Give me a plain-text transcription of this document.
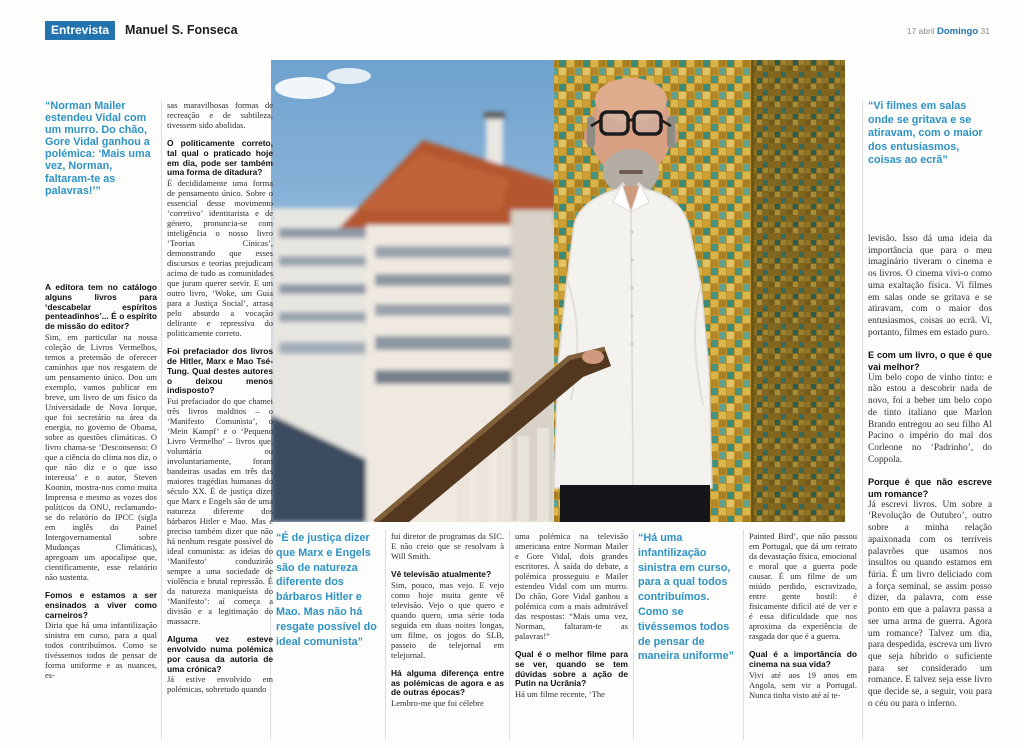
Entrevista Manuel S. Fonseca	17 abril Domingo 31
“Norman Mailer estendeu Vidal com um murro. Do chão, Gore Vidal ganhou a polémica: ‘Mais uma vez, Norman, faltaram-te as palavras!’”
“É de justiça dizer que Marx e Engels são de natureza diferente dos bárbaros Hitler e Mao. Mas não há resgate possível do ideal comunista”
“Há uma infantilização sinistra em curso, para a qual todos contribuímos. Como se tivéssemos todos de pensar de maneira uniforme”
“Vi filmes em salas onde se gritava e se atiravam, com o maior dos entusiasmos, coisas ao ecrã”

A editora tem no catálogo alguns livros para ‘descabelar espíritos penteadinhos’... É o espírito de missão do editor?

Sim, em particular na nossa coleção de Livros Vermelhos, temos a pretensão de oferecer caminhos que nos resgatem de um pensamento único. Dou um exemplo, vamos publicar em breve, um livro de um físico da Universidade de Nova Iorque, que foi secretário na área da energia, no governo de Obama, sobre as questões climáticas. O livro chama-se ‘Desconsenso: O que a ciência do clima nos diz, o que não diz e o que isso interessa’ e o autor, Steven Koonin, mostra-nos como muita Imprensa e mesmo as vozes dos políticos da ONU, reclamando-se do relatório do IPCC (sigla em inglês do Painel Intergovernamental sobre Mudanças Climáticas), apregoam um apocalipse que, cientificamente, esse relatório não sustenta.

Fomos e estamos a ser ensinados a viver como carneiros?

Diria que há uma infantilização sinistra em curso, para a qual todos contribuímos. Como se tivéssemos todos de pensar de forma uniforme e as nuances, es-

sas maravilhosas formas de recreação e de subtileza, tivessem sido abolidas.

O politicamente correto, tal qual o praticado hoje em dia, pode ser também uma forma de ditadura?

É decididamente uma forma de pensamento único. Sobre o essencial desse movimento ‘corretivo’ identitarista e de género, pronuncia-se com inteligência o nosso livro ‘Teorias Cínicas’, demonstrando que esses discursos e teorias prejudicam acima de tudo as comunidades que juram querer servir. E um outro livro, ‘Woke, um Guia para a Justiça Social’, arrasa pelo absurdo a vocação delirante e repressiva do politicamente correto.

Foi prefaciador dos livros de Hitler, Marx e Mao Tsé-Tung. Qual destes autores o deixou menos indisposto?

Fui prefaciador do que chamei três livros malditos – o ‘Manifesto Comunista’, o ‘Mein Kampf’ e o ‘Pequeno Livro Vermelho’ – livros que, voluntária ou involuntariamente, foram bandeiras usadas em três das maiores tragédias humanas do século XX. É de justiça dizer que Marx e Engels são de uma natureza diferente dos bárbaros Hitler e Mao. Mas é preciso também dizer que não há nenhum resgate possível do ideal comunista: as ideias do ‘Manifesto’ conduzirão sempre a uma sociedade de violência e brutal repressão. É da natureza maniqueísta do ‘Manifesto’: aí começa a divisão e a legitimação do massacre.

Alguma vez esteve envolvido numa polémica por causa da autoria de uma crónica?

Já estive envolvido em polémicas, sobretudo quando

fui diretor de programas da SIC. E não creio que se resolvam à Will Smith.

Vê televisão atualmente?

Sim, pouco, mas vejo. E vejo como hoje muita gente vê televisão. Vejo o que quero e quando quero, uma série toda seguida em duas noites longas, um filme, os jogos do SLB, passeio de telejornal em telejornal.

Há alguma diferença entre as polémicas de agora e as de outras épocas?

Lembro-me que foi célebre

uma polémica na televisão americana entre Norman Mailer e Gore Vidal, dois grandes escritores. À saída do debate, a polémica prosseguiu e Mailer estendeu Vidal com um murro. Do chão, Gore Vidal ganhou a polémica com a mais admirável das respostas: “Mais uma vez, Norman, faltaram-te as palavras!”

Qual é o melhor filme para se ver, quando se tem dúvidas sobre a ação de Putin na Ucrânia?

Há um filme recente, ‘The

Painted Bird’, que não passou em Portugal, que dá um retrato da devastação física, emocional e moral que a guerra pode causar. É um filme de um miúdo perdido, escravizado, entre gente hostil: é fisicamente difícil até de ver e é essa dificuldade que nos aproxima da experiência de rasgada dor que é a guerra.

Qual é a importância do cinema na sua vida?

Vivi até aos 19 anos em Angola, sem vir a Portugal. Nunca tinha visto até aí te-

levisão. Isso dá uma ideia da importância que para o meu imaginário tiveram o cinema e os livros. O cinema vivi-o como uma exaltação física. Vi filmes em salas onde se gritava e se atiravam, com o maior dos entusiasmos, coisas ao ecrã. Vi, portanto, filmes em estado puro.

E com um livro, o que é que vai melhor?

Um belo copo de vinho tinto: e não estou a descobrir nada de novo, foi a beber um belo copo de tinto italiano que Marlon Brando entregou ao seu filho Al Pacino o império do mal dos Corleone no ‘Padrinho’, do Coppola.

Porque é que não escreve um romance?

Já escrevi livros. Um sobre a ‘Revolução de Outubro’, outro sobre a minha relação apaixonada com os terríveis palavrões que usamos nos insultos ou quando estamos em fúria. É um livro deliciado com a força seminal, se assim posso dizer, da palavra, com esse ponto em que a palavra passa a ser uma arma de guerra. Agora um romance? Talvez um dia, para despedida, escreva um livro que seja híbrido o suficiente para ser considerado um romance. E talvez seja esse livro que decide se, a seguir, vou para o céu ou para o inferno.
